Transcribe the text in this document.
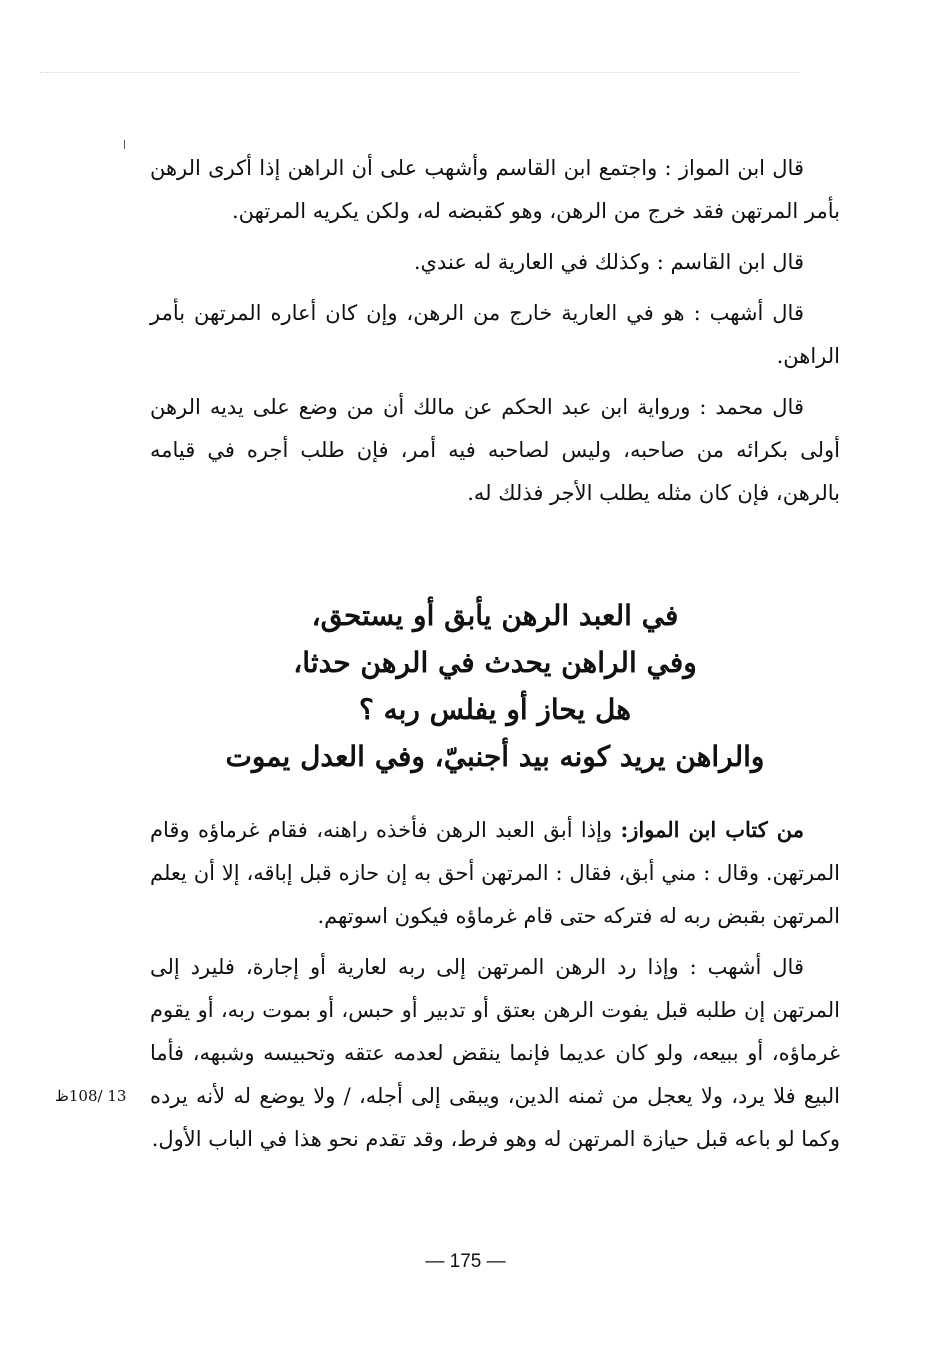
قال ابن المواز : واجتمع ابن القاسم وأشهب على أن الراهن إذا أكرى الرهن بأمر المرتهن فقد خرج من الرهن، وهو كقبضه له، ولكن يكريه المرتهن.

قال ابن القاسم : وكذلك في العارية له عندي.

قال أشهب : هو في العارية خارج من الرهن، وإن كان أعاره المرتهن بأمر الراهن.

قال محمد : ورواية ابن عبد الحكم عن مالك أن من وضع على يديه الرهن أولى بكرائه من صاحبه، وليس لصاحبه فيه أمر، فإن طلب أجره في قيامه بالرهن، فإن كان مثله يطلب الأجر فذلك له.

في العبد الرهن يأبق أو يستحق،

وفي الراهن يحدث في الرهن حدثا،

هل يحاز أو يفلس ربه ؟

والراهن يريد كونه بيد أجنبيّ، وفي العدل يموت

من كتاب ابن المواز: وإذا أبق العبد الرهن فأخذه راهنه، فقام غرماؤه وقام المرتهن. وقال : مني أبق، فقال : المرتهن أحق به إن حازه قبل إباقه، إلا أن يعلم المرتهن بقبض ربه له فتركه حتى قام غرماؤه فيكون اسوتهم.

قال أشهب : وإذا رد الرهن المرتهن إلى ربه لعارية أو إجارة، فليرد إلى المرتهن إن طلبه قبل يفوت الرهن بعتق أو تدبير أو حبس، أو بموت ربه، أو يقوم غرماؤه، أو ببيعه، ولو كان عديما فإنما ينقض لعدمه عتقه وتحبيسه وشبهه، فأما البيع فلا يرد، ولا يعجل من ثمنه الدين، ويبقى إلى أجله، / ولا يوضع له لأنه يرده وكما لو باعه قبل حيازة المرتهن له وهو فرط، وقد تقدم نحو هذا في الباب الأول.

13 /108ظ
— 175 —
